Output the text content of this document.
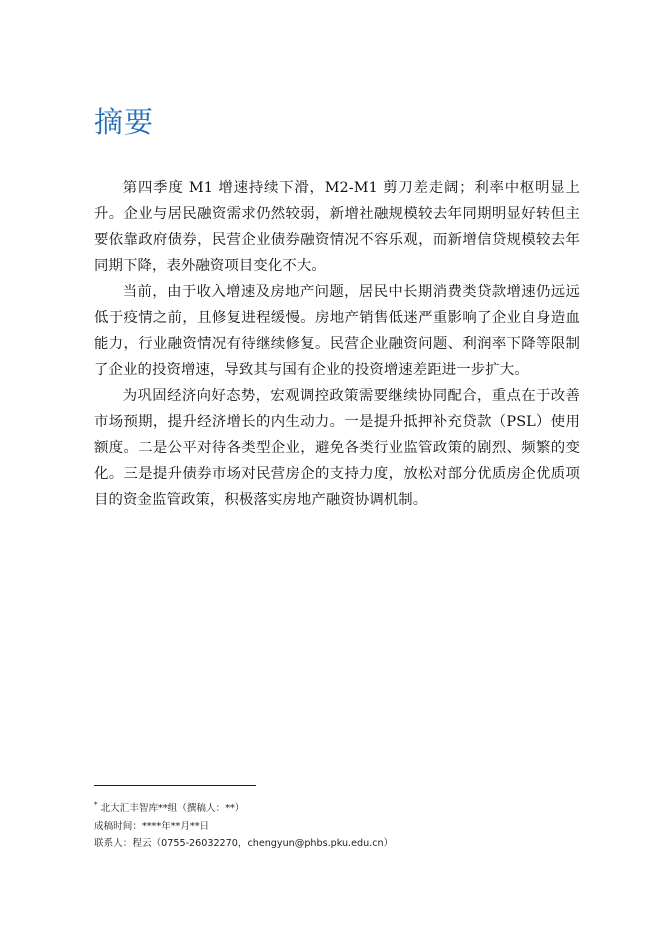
摘要

第四季度 M1 增速持续下滑，M2-M1 剪刀差走阔；利率中枢明显上升。企业与居民融资需求仍然较弱，新增社融规模较去年同期明显好转但主要依靠政府债券，民营企业债券融资情况不容乐观，而新增信贷规模较去年同期下降，表外融资项目变化不大。

当前，由于收入增速及房地产问题，居民中长期消费类贷款增速仍远远低于疫情之前，且修复进程缓慢。房地产销售低迷严重影响了企业自身造血能力，行业融资情况有待继续修复。民营企业融资问题、利润率下降等限制了企业的投资增速，导致其与国有企业的投资增速差距进一步扩大。

为巩固经济向好态势，宏观调控政策需要继续协同配合，重点在于改善市场预期，提升经济增长的内生动力。一是提升抵押补充贷款（PSL）使用额度。二是公平对待各类型企业，避免各类行业监管政策的剧烈、频繁的变化。三是提升债券市场对民营房企的支持力度，放松对部分优质房企优质项目的资金监管政策，积极落实房地产融资协调机制。

* 北大汇丰智库**组（撰稿人：**）
成稿时间：****年**月**日
联系人：程云（0755-26032270，chengyun@phbs.pku.edu.cn）
